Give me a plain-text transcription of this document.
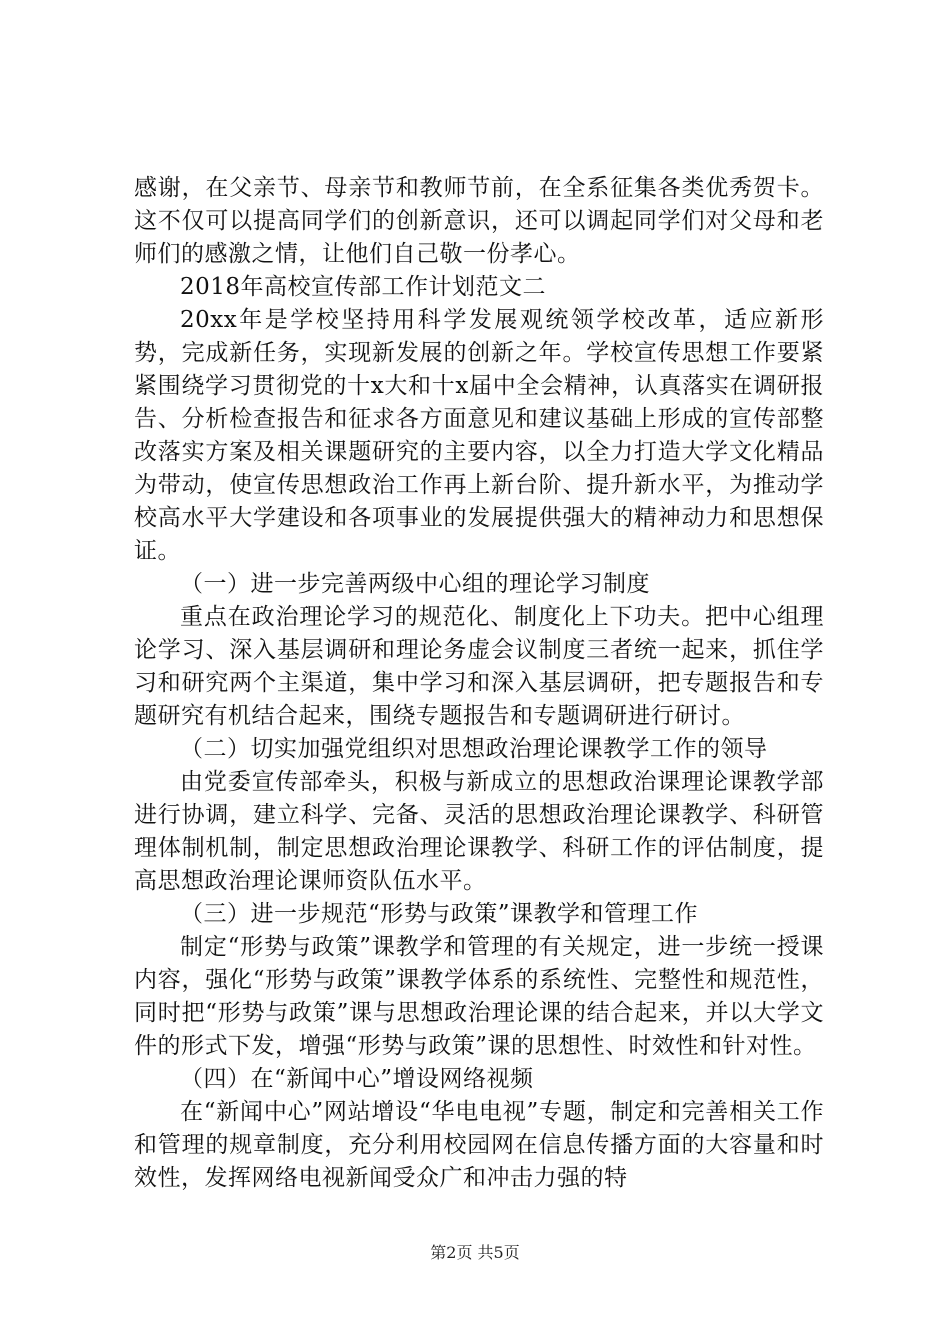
感谢，在父亲节、母亲节和教师节前，在全系征集各类优秀贺卡。这不仅可以提高同学们的创新意识，还可以调起同学们对父母和老师们的感激之情，让他们自己敬一份孝心。

2018年高校宣传部工作计划范文二

20xx年是学校坚持用科学发展观统领学校改革，适应新形势，完成新任务，实现新发展的创新之年。学校宣传思想工作要紧紧围绕学习贯彻党的十x大和十x届中全会精神，认真落实在调研报告、分析检查报告和征求各方面意见和建议基础上形成的宣传部整改落实方案及相关课题研究的主要内容，以全力打造大学文化精品为带动，使宣传思想政治工作再上新台阶、提升新水平，为推动学校高水平大学建设和各项事业的发展提供强大的精神动力和思想保证。

（一）进一步完善两级中心组的理论学习制度

重点在政治理论学习的规范化、制度化上下功夫。把中心组理论学习、深入基层调研和理论务虚会议制度三者统一起来，抓住学习和研究两个主渠道，集中学习和深入基层调研，把专题报告和专题研究有机结合起来，围绕专题报告和专题调研进行研讨。

（二）切实加强党组织对思想政治理论课教学工作的领导

由党委宣传部牵头，积极与新成立的思想政治课理论课教学部进行协调，建立科学、完备、灵活的思想政治理论课教学、科研管理体制机制，制定思想政治理论课教学、科研工作的评估制度，提高思想政治理论课师资队伍水平。

（三）进一步规范“形势与政策”课教学和管理工作

制定“形势与政策”课教学和管理的有关规定，进一步统一授课内容，强化“形势与政策”课教学体系的系统性、完整性和规范性，同时把“形势与政策”课与思想政治理论课的结合起来，并以大学文件的形式下发，增强“形势与政策”课的思想性、时效性和针对性。

（四）在“新闻中心”增设网络视频

在“新闻中心”网站增设“华电电视”专题，制定和完善相关工作和管理的规章制度，充分利用校园网在信息传播方面的大容量和时效性，发挥网络电视新闻受众广和冲击力强的特

第2页 共5页
